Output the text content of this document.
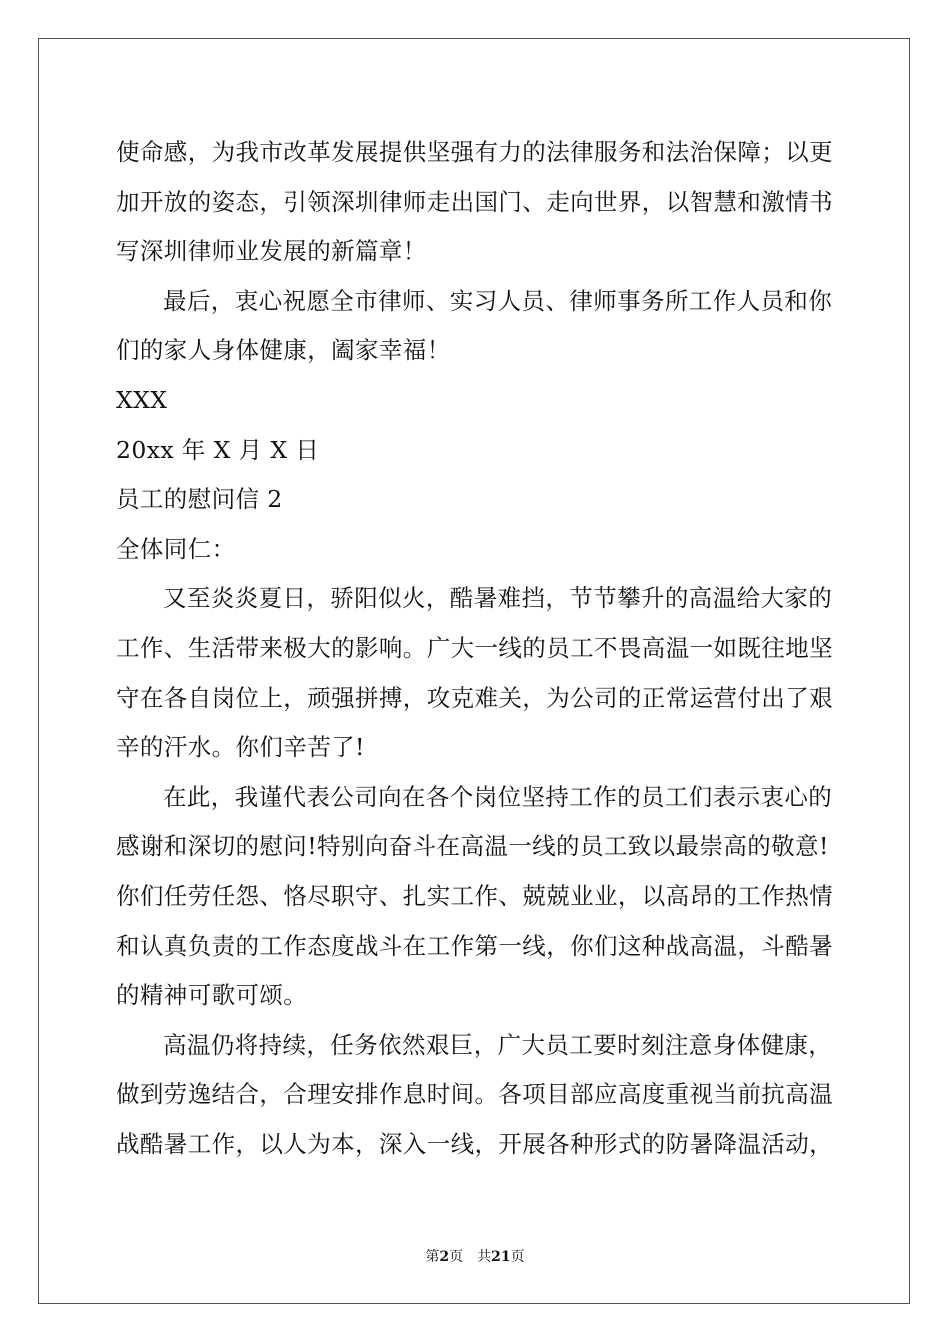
使命感，为我市改革发展提供坚强有力的法律服务和法治保障；以更
加开放的姿态，引领深圳律师走出国门、走向世界，以智慧和激情书
写深圳律师业发展的新篇章！
最后，衷心祝愿全市律师、实习人员、律师事务所工作人员和你
们的家人身体健康，阖家幸福！
XXX
20xx 年 X 月 X 日
员工的慰问信 2
全体同仁：
又至炎炎夏日，骄阳似火，酷暑难挡，节节攀升的高温给大家的
工作、生活带来极大的影响。广大一线的员工不畏高温一如既往地坚
守在各自岗位上，顽强拼搏，攻克难关，为公司的正常运营付出了艰
辛的汗水。你们辛苦了!
在此，我谨代表公司向在各个岗位坚持工作的员工们表示衷心的
感谢和深切的慰问!特别向奋斗在高温一线的员工致以最崇高的敬意!
你们任劳任怨、恪尽职守、扎实工作、兢兢业业，以高昂的工作热情
和认真负责的工作态度战斗在工作第一线，你们这种战高温，斗酷暑
的精神可歌可颂。
高温仍将持续，任务依然艰巨，广大员工要时刻注意身体健康，
做到劳逸结合，合理安排作息时间。各项目部应高度重视当前抗高温
战酷暑工作，以人为本，深入一线，开展各种形式的防暑降温活动，
第2页 共21页
